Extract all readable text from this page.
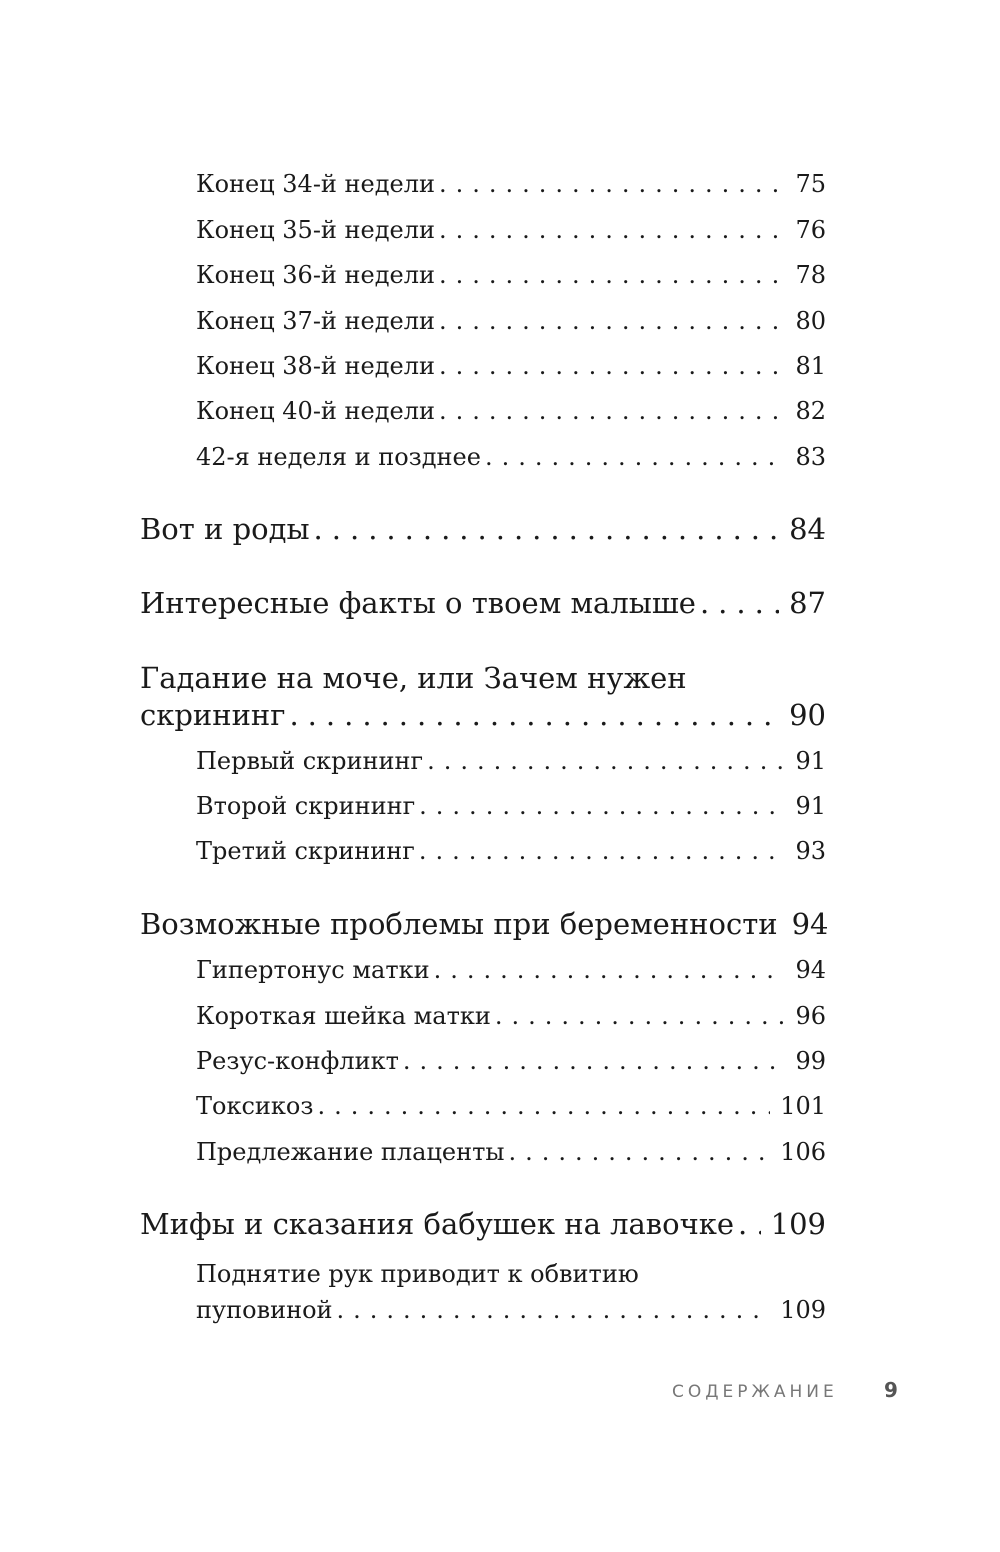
Конец 34-й недели .....	75
Конец 35-й недели .....	76
Конец 36-й недели .....	78
Конец 37-й недели .....	80
Конец 38-й недели .....	81
Конец 40-й недели .....	82
42-я неделя и позднее .....	83
Вот и роды .....	84
Интересные факты о твоем малыше .....	87
Гадание на моче, или Зачем нужен
скрининг .....	90
Первый скрининг .....	91
Второй скрининг .....	91
Третий скрининг .....	93
Возможные проблемы при беременности ..... 94
Гипертонус матки .....	94
Короткая шейка матки .....	96
Резус-конфликт .....	99
Токсикоз .....	101
Предлежание плаценты .....	106
Мифы и сказания бабушек на лавочке .....	109
Поднятие рук приводит к обвитию
пуповиной .....	109
СОДЕРЖАНИЕ 9
